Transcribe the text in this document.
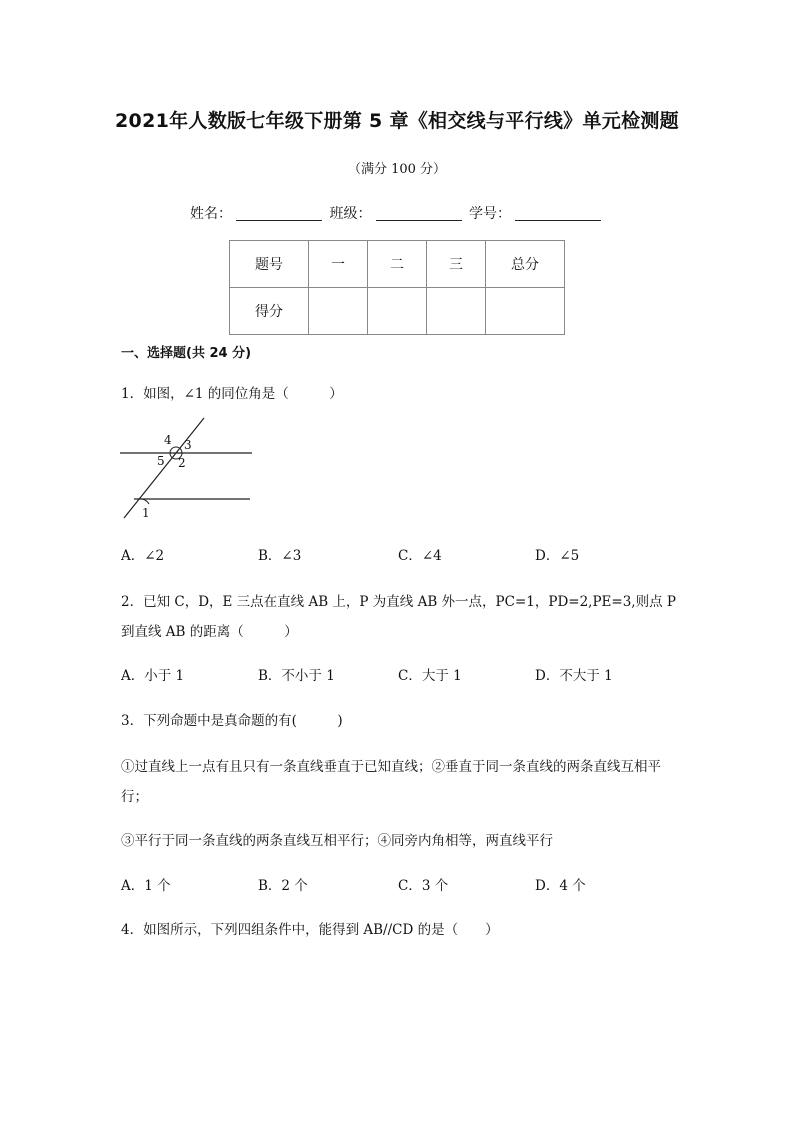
2021年人数版七年级下册第 5 章《相交线与平行线》单元检测题
（满分 100 分）
姓名：	班级：	学号：
题号	一	二	三	总分
得分				
一、选择题(共 24 分)
1．如图，∠1 的同位角是（　　　）
4 3
5 2
1
A．∠2	B．∠3	C．∠4	D．∠5
2．已知 C，D，E 三点在直线 AB 上，P 为直线 AB 外一点，PC=1，PD=2,PE=3,则点 P 到直线 AB 的距离（　　　）
A．小于 1	B．不小于 1	C．大于 1	D．不大于 1
3．下列命题中是真命题的有(　　　)
①过直线上一点有且只有一条直线垂直于已知直线；②垂直于同一条直线的两条直线互相平行；
③平行于同一条直线的两条直线互相平行；④同旁内角相等，两直线平行
A．1 个	B．2 个	C．3 个	D．4 个
4．如图所示，下列四组条件中，能得到 AB//CD 的是（　　）
